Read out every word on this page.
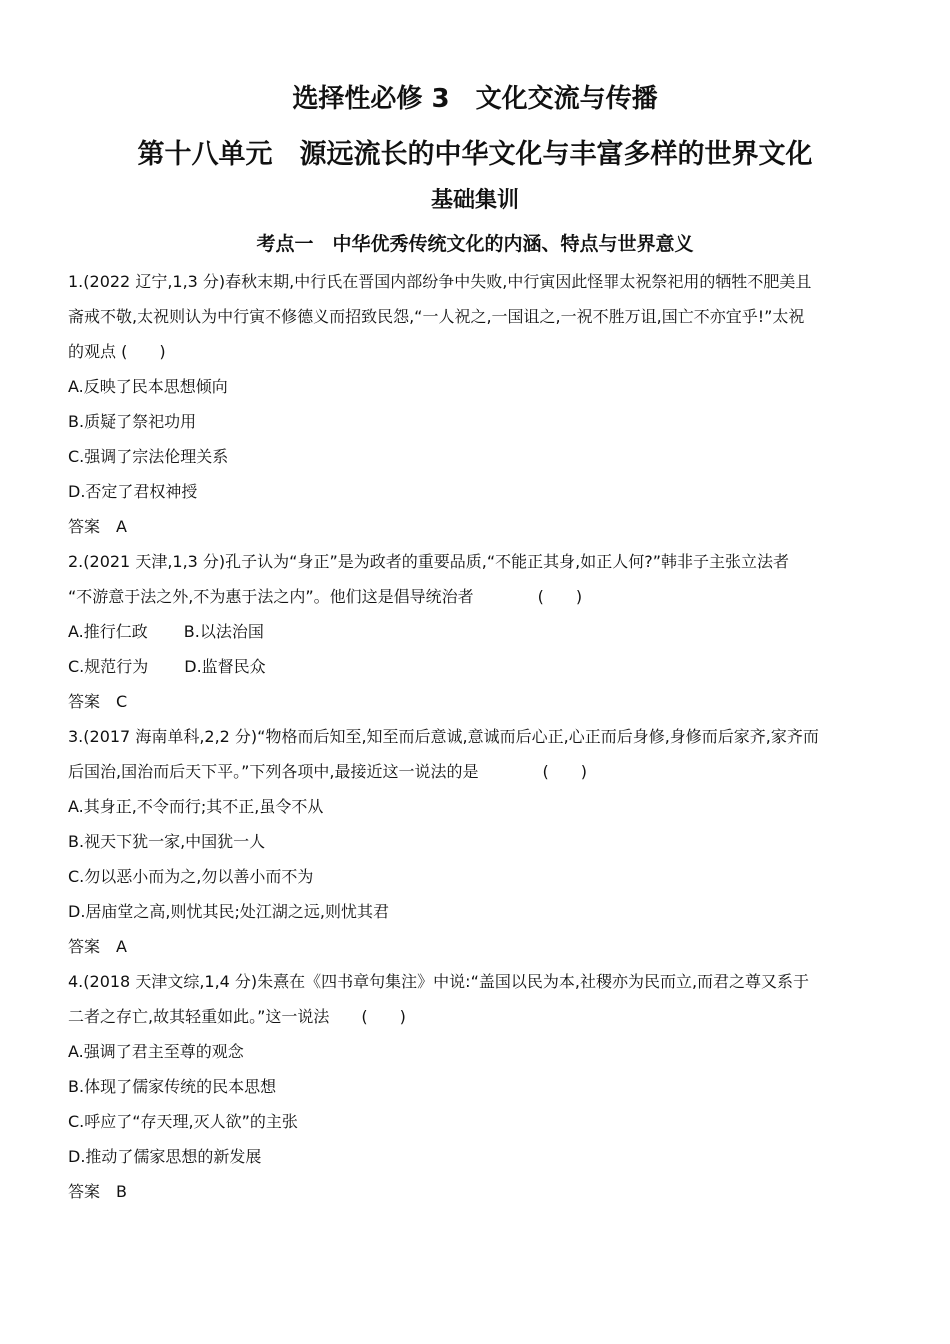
选择性必修 3　文化交流与传播
第十八单元　源远流长的中华文化与丰富多样的世界文化
基础集训
考点一　中华优秀传统文化的内涵、特点与世界意义
1.(2022 辽宁,1,3 分)春秋末期,中行氏在晋国内部纷争中失败,中行寅因此怪罪太祝祭祀用的牺牲不肥美且
斋戒不敬,太祝则认为中行寅不修德义而招致民怨,“一人祝之,一国诅之,一祝不胜万诅,国亡不亦宜乎!”太祝
的观点 (　　)
A.反映了民本思想倾向
B.质疑了祭祀功用
C.强调了宗法伦理关系
D.否定了君权神授
答案　A
2.(2021 天津,1,3 分)孔子认为“身正”是为政者的重要品质,“不能正其身,如正人何?”韩非子主张立法者
“不游意于法之外,不为惠于法之内”。他们这是倡导统治者　　　　(　　)
A.推行仁政 B.以法治国
C.规范行为 D.监督民众
答案　C
3.(2017 海南单科,2,2 分)“物格而后知至,知至而后意诚,意诚而后心正,心正而后身修,身修而后家齐,家齐而
后国治,国治而后天下平。”下列各项中,最接近这一说法的是　　　　(　　)
A.其身正,不令而行;其不正,虽令不从
B.视天下犹一家,中国犹一人
C.勿以恶小而为之,勿以善小而不为
D.居庙堂之高,则忧其民;处江湖之远,则忧其君
答案　A
4.(2018 天津文综,1,4 分)朱熹在《四书章句集注》中说:“盖国以民为本,社稷亦为民而立,而君之尊又系于
二者之存亡,故其轻重如此。”这一说法　　(　　)
A.强调了君主至尊的观念
B.体现了儒家传统的民本思想
C.呼应了“存天理,灭人欲”的主张
D.推动了儒家思想的新发展
答案　B
